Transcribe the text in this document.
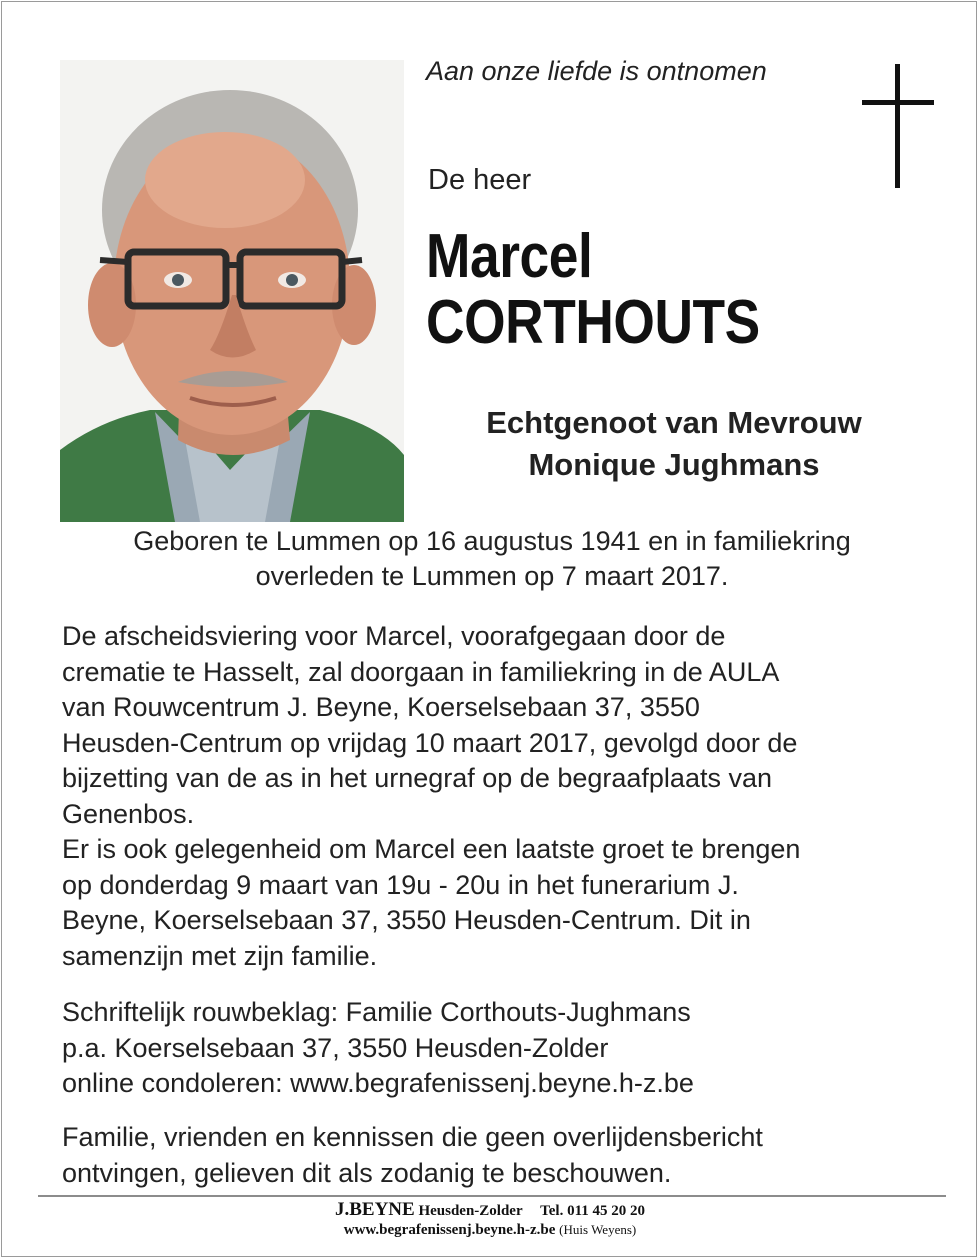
Aan onze liefde is ontnomen
De heer
Marcel
CORTHOUTS
Echtgenoot van Mevrouw
Monique Jughmans
Geboren te Lummen op 16 augustus 1941 en in familiekring
overleden te Lummen op 7 maart 2017.
De afscheidsviering voor Marcel, voorafgegaan door de
crematie te Hasselt, zal doorgaan in familiekring in de AULA
van Rouwcentrum J. Beyne, Koerselsebaan 37, 3550
Heusden-Centrum op vrijdag 10 maart 2017, gevolgd door de
bijzetting van de as in het urnegraf op de begraafplaats van
Genenbos.
Er is ook gelegenheid om Marcel een laatste groet te brengen
op donderdag 9 maart van 19u - 20u in het funerarium J.
Beyne, Koerselsebaan 37, 3550 Heusden-Centrum. Dit in
samenzijn met zijn familie.
Schriftelijk rouwbeklag: Familie Corthouts-Jughmans
p.a. Koerselsebaan 37, 3550 Heusden-Zolder
online condoleren: www.begrafenissenj.beyne.h-z.be
Familie, vrienden en kennissen die geen overlijdensbericht
ontvingen, gelieven dit als zodanig te beschouwen.
J.BEYNE Heusden-Zolder Tel. 011 45 20 20
www.begrafenissenj.beyne.h-z.be (Huis Weyens)
